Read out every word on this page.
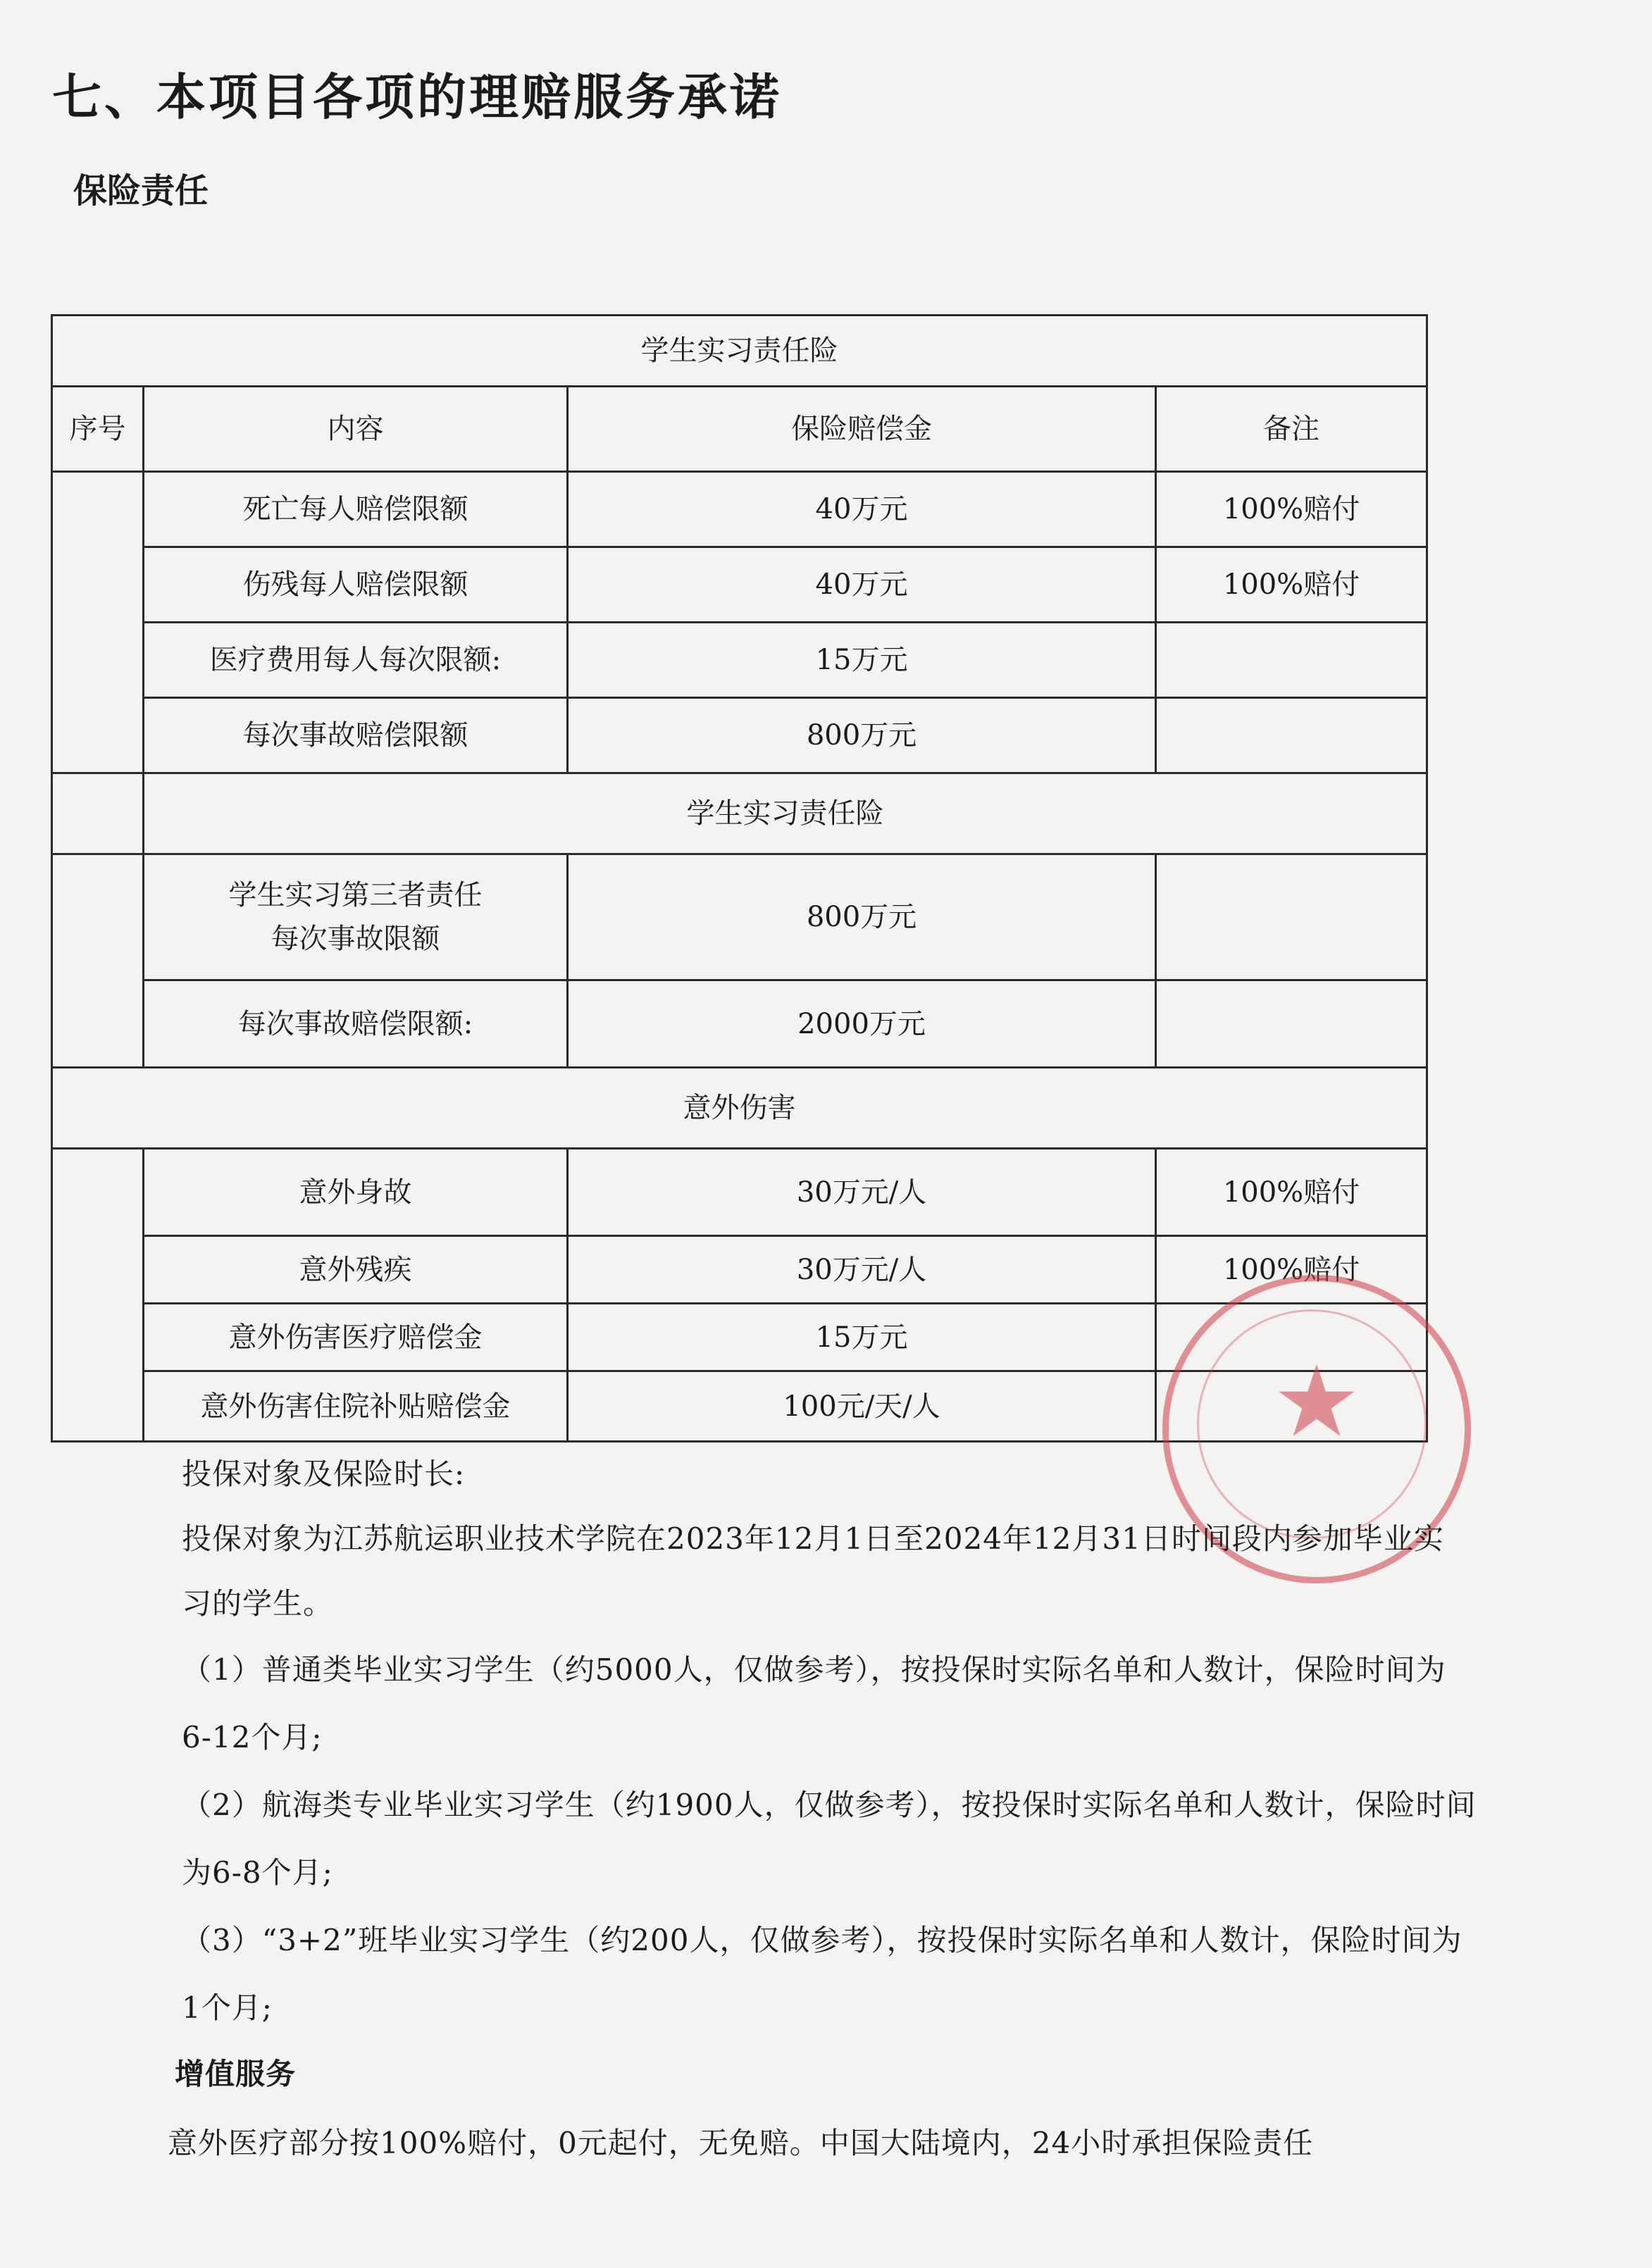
七、本项目各项的理赔服务承诺
保险责任
学生实习责任险			
序号	内容	保险赔偿金	备注
	死亡每人赔偿限额	40万元	100%赔付
	伤残每人赔偿限额	40万元	100%赔付
	医疗费用每人每次限额:	15万元	
	每次事故赔偿限额	800万元	
	学生实习责任险		

	学生实习第三者责任
每次事故限额	800万元	
	每次事故赔偿限额:	2000万元	
意外伤害			
	意外身故	30万元/人	100%赔付
	意外残疾	30万元/人	100%赔付
	意外伤害医疗赔偿金	15万元	
	意外伤害住院补贴赔偿金	100元/天/人		★
投保对象及保险时长:
投保对象为江苏航运职业技术学院在2023年12月1日至2024年12月31日时间段内参加毕业实
习的学生。
（1）普通类毕业实习学生（约5000人，仅做参考），按投保时实际名单和人数计，保险时间为
6-12个月;
（2）航海类专业毕业实习学生（约1900人，仅做参考），按投保时实际名单和人数计，保险时间
为6-8个月;
（3）“3+2”班毕业实习学生（约200人，仅做参考），按投保时实际名单和人数计，保险时间为
1个月;
增值服务
意外医疗部分按100%赔付，0元起付，无免赔。中国大陆境内，24小时承担保险责任
